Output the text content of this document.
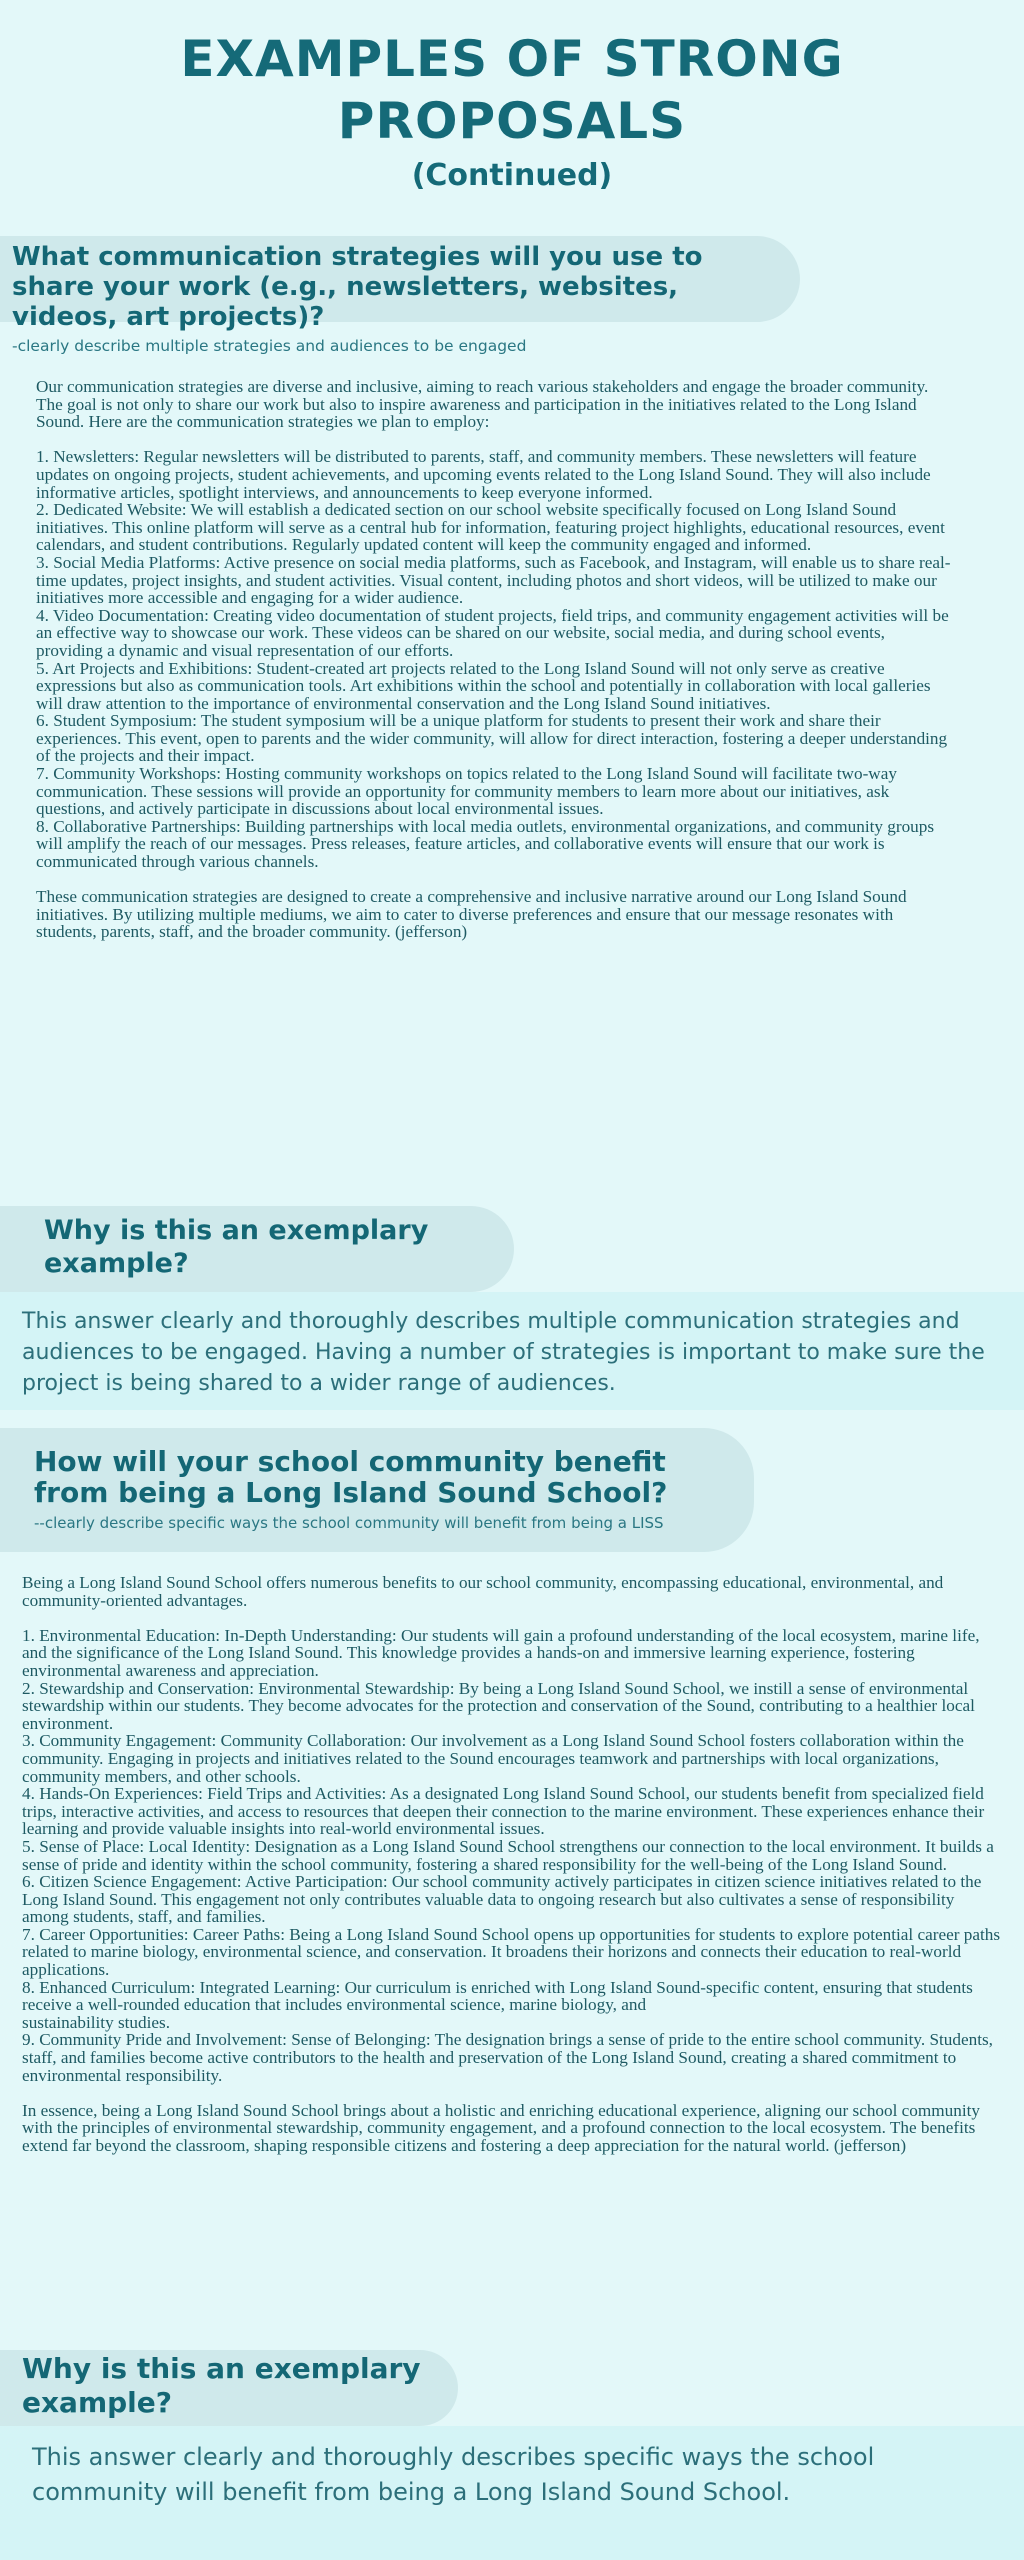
EXAMPLES OF STRONG PROPOSALS
(Continued)
What communication strategies will you use to share your work (e.g., newsletters, websites, videos, art projects)?
-clearly describe multiple strategies and audiences to be engaged

Our communication strategies are diverse and inclusive, aiming to reach various stakeholders and engage the broader community. The goal is not only to share our work but also to inspire awareness and participation in the initiatives related to the Long Island Sound. Here are the communication strategies we plan to employ:

1. Newsletters: Regular newsletters will be distributed to parents, staff, and community members. These newsletters will feature updates on ongoing projects, student achievements, and upcoming events related to the Long Island Sound. They will also include informative articles, spotlight interviews, and announcements to keep everyone informed.

2. Dedicated Website: We will establish a dedicated section on our school website specifically focused on Long Island Sound initiatives. This online platform will serve as a central hub for information, featuring project highlights, educational resources, event calendars, and student contributions. Regularly updated content will keep the community engaged and informed.

3. Social Media Platforms: Active presence on social media platforms, such as Facebook, and Instagram, will enable us to share real- time updates, project insights, and student activities. Visual content, including photos and short videos, will be utilized to make our initiatives more accessible and engaging for a wider audience.

4. Video Documentation: Creating video documentation of student projects, field trips, and community engagement activities will be an effective way to showcase our work. These videos can be shared on our website, social media, and during school events, providing a dynamic and visual representation of our efforts.

5. Art Projects and Exhibitions: Student-created art projects related to the Long Island Sound will not only serve as creative expressions but also as communication tools. Art exhibitions within the school and potentially in collaboration with local galleries will draw attention to the importance of environmental conservation and the Long Island Sound initiatives.

6. Student Symposium: The student symposium will be a unique platform for students to present their work and share their experiences. This event, open to parents and the wider community, will allow for direct interaction, fostering a deeper understanding of the projects and their impact.

7. Community Workshops: Hosting community workshops on topics related to the Long Island Sound will facilitate two-way communication. These sessions will provide an opportunity for community members to learn more about our initiatives, ask questions, and actively participate in discussions about local environmental issues.

8. Collaborative Partnerships: Building partnerships with local media outlets, environmental organizations, and community groups will amplify the reach of our messages. Press releases, feature articles, and collaborative events will ensure that our work is communicated through various channels.

These communication strategies are designed to create a comprehensive and inclusive narrative around our Long Island Sound initiatives. By utilizing multiple mediums, we aim to cater to diverse preferences and ensure that our message resonates with students, parents, staff, and the broader community. (jefferson)

Why is this an exemplary example?
This answer clearly and thoroughly describes multiple communication strategies and audiences to be engaged. Having a number of strategies is important to make sure the project is being shared to a wider range of audiences.
How will your school community benefit from being a Long Island Sound School?
--clearly describe specific ways the school community will benefit from being a LISS

Being a Long Island Sound School offers numerous benefits to our school community, encompassing educational, environmental, and community-oriented advantages.

1. Environmental Education: In-Depth Understanding: Our students will gain a profound understanding of the local ecosystem, marine life, and the significance of the Long Island Sound. This knowledge provides a hands-on and immersive learning experience, fostering environmental awareness and appreciation.

2. Stewardship and Conservation: Environmental Stewardship: By being a Long Island Sound School, we instill a sense of environmental stewardship within our students. They become advocates for the protection and conservation of the Sound, contributing to a healthier local environment.

3. Community Engagement: Community Collaboration: Our involvement as a Long Island Sound School fosters collaboration within the community. Engaging in projects and initiatives related to the Sound encourages teamwork and partnerships with local organizations, community members, and other schools.

4. Hands-On Experiences: Field Trips and Activities: As a designated Long Island Sound School, our students benefit from specialized field trips, interactive activities, and access to resources that deepen their connection to the marine environment. These experiences enhance their learning and provide valuable insights into real-world environmental issues.

5. Sense of Place: Local Identity: Designation as a Long Island Sound School strengthens our connection to the local environment. It builds a sense of pride and identity within the school community, fostering a shared responsibility for the well-being of the Long Island Sound.

6. Citizen Science Engagement: Active Participation: Our school community actively participates in citizen science initiatives related to the Long Island Sound. This engagement not only contributes valuable data to ongoing research but also cultivates a sense of responsibility among students, staff, and families.

7. Career Opportunities: Career Paths: Being a Long Island Sound School opens up opportunities for students to explore potential career paths related to marine biology, environmental science, and conservation. It broadens their horizons and connects their education to real-world applications.

8. Enhanced Curriculum: Integrated Learning: Our curriculum is enriched with Long Island Sound-specific content, ensuring that students receive a well-rounded education that includes environmental science, marine biology, and

sustainability studies.

9. Community Pride and Involvement: Sense of Belonging: The designation brings a sense of pride to the entire school community. Students, staff, and families become active contributors to the health and preservation of the Long Island Sound, creating a shared commitment to environmental responsibility.

In essence, being a Long Island Sound School brings about a holistic and enriching educational experience, aligning our school community with the principles of environmental stewardship, community engagement, and a profound connection to the local ecosystem. The benefits extend far beyond the classroom, shaping responsible citizens and fostering a deep appreciation for the natural world. (jefferson)

Why is this an exemplary example?
This answer clearly and thoroughly describes specific ways the school community will benefit from being a Long Island Sound School.
